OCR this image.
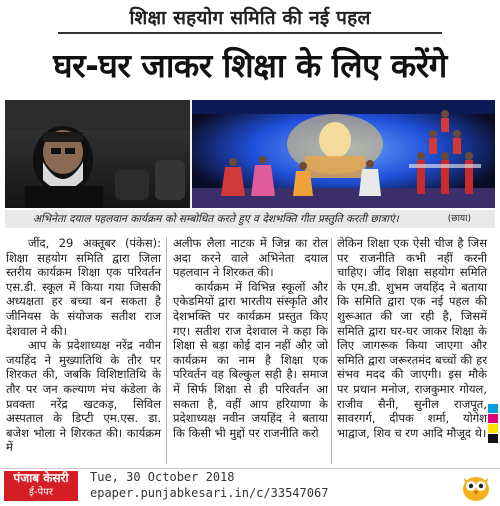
शिक्षा सहयोग समिति की नई पहल
घर-घर जाकर शिक्षा के लिए करेंगे
अभिनेता दयाल पहलवान कार्यक्रम को सम्बोधित करते हुए व देशभक्ति गीत प्रस्तुति करती छात्राएं।	(छाया)

जींद, 29 अक्तूबर (पंकेस): शिक्षा सहयोग समिति द्वारा जिला स्तरीय कार्यक्रम शिक्षा एक परिवर्तन एस.डी. स्कूल में किया गया जिसकी अध्यक्षता हर बच्चा बन सकता है जीनियस के संयोजक सतीश राज देशवाल ने की।

आप के प्रदेशाध्यक्ष नरेंद्र नवीन जयहिंद ने मुख्यातिथि के तौर पर शिरकत की, जबकि विशिष्टातिथि के तौर पर जन कल्याण मंच कंडेला के प्रवक्ता नरेंद्र खटकड़, सिविल अस्पताल के डिप्टी एम.एस. डा. बजेश भोला ने शिरकत की। कार्यक्रम में

अलीफ लैला नाटक में जिन्न का रोल अदा करने वाले अभिनेता दयाल पहलवान ने शिरकत की।

कार्यक्रम में विभिन्न स्कूलों और एकेडमियों द्वारा भारतीय संस्कृति और देशभक्ति पर कार्यक्रम प्रस्तुत किए गए। सतीश राज देशवाल ने कहा कि शिक्षा से बड़ा कोई दान नहीं और जो कार्यक्रम का नाम है शिक्षा एक परिवर्तन वह बिल्कुल सही है। समाज में सिर्फ शिक्षा से ही परिवर्तन आ सकता है, वहीं आप हरियाणा के प्रदेशाध्यक्ष नवीन जयहिंद ने बताया कि किसी भी मुद्दों पर राजनीति करो

लेकिन शिक्षा एक ऐसी चीज है जिस पर राजनीति कभी नहीं करनी चाहिए। जींद शिक्षा सहयोग समिति के एम.डी. शुभम जयहिंद ने बताया कि समिति द्वारा एक नई पहल की शुरूआत की जा रही है, जिसमें समिति द्वारा घर-घर जाकर शिक्षा के लिए जागरूक किया जाएगा और समिति द्वारा जरूरतमंद बच्चों की हर संभव मदद की जाएगी। इस मौके पर प्रधान मनोज, राजकुमार गोयल, राजीव सैनी, सुनील राजपूत, सावरगर्ग, दीपक शर्मा, योगेश भाद्वाज, शिव च रण आदि मौजूद थे।

पंजाब केसरी
ई-पेपर
Tue, 30 October 2018
epaper.punjabkesari.in/c/33547067
